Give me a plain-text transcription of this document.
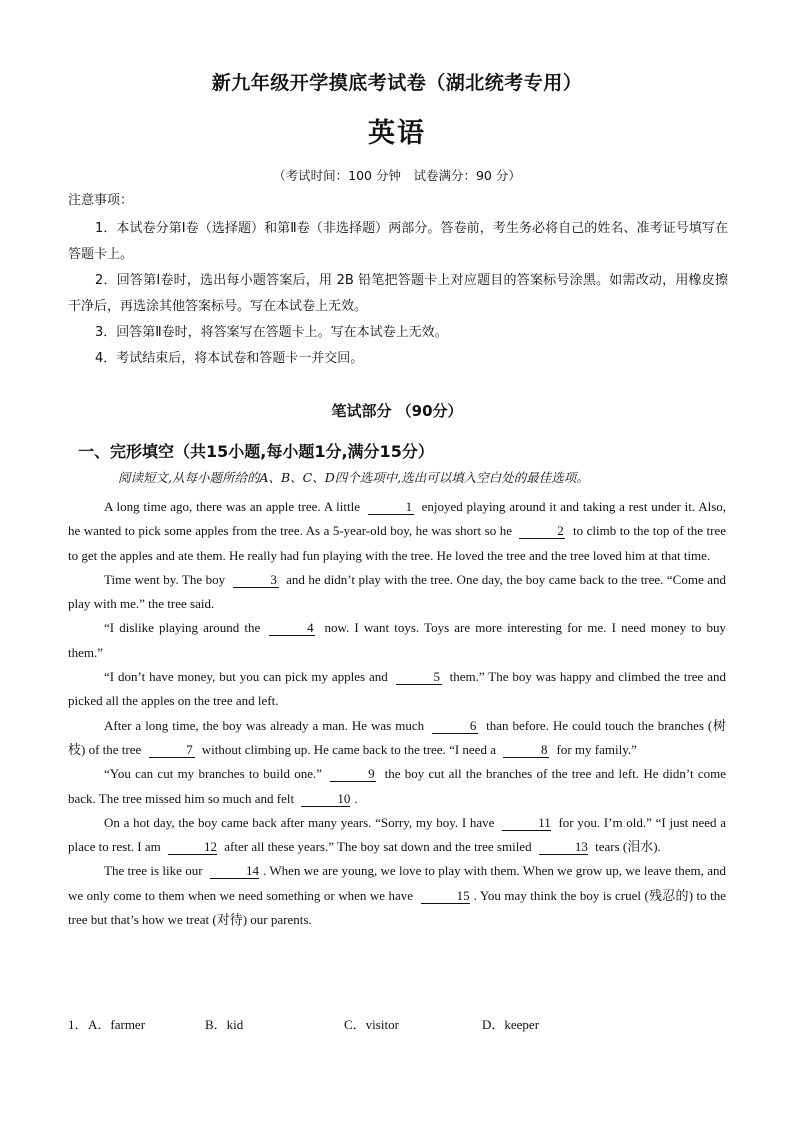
新九年级开学摸底考试卷（湖北统考专用）
英语
（考试时间：100 分钟　试卷满分：90 分）
注意事项：
1．本试卷分第Ⅰ卷（选择题）和第Ⅱ卷（非选择题）两部分。答卷前，考生务必将自己的姓名、准考证号填写在答题卡上。
2．回答第Ⅰ卷时，选出每小题答案后，用 2B 铅笔把答题卡上对应题目的答案标号涂黑。如需改动，用橡皮擦干净后，再选涂其他答案标号。写在本试卷上无效。
3．回答第Ⅱ卷时，将答案写在答题卡上。写在本试卷上无效。
4．考试结束后，将本试卷和答题卡一并交回。
笔试部分 （90分）
一、完形填空（共15小题,每小题1分,满分15分）
阅读短文,从每小题所给的A、B、C、D四个选项中,选出可以填入空白处的最佳选项。

A long time ago, there was an apple tree. A little	1 enjoyed playing around it and taking a rest under it. Also, he wanted to pick some apples from the tree. As a 5-year-old boy, he was short so he	2 to climb to the top of the tree to get the apples and ate them. He really had fun playing with the tree. He loved the tree and the tree loved him at that time.

Time went by. The boy	3 and he didn’t play with the tree. One day, the boy came back to the tree. “Come and play with me.” the tree said.

“I dislike playing around the	4 now. I want toys. Toys are more interesting for me. I need money to buy them.”

“I don’t have money, but you can pick my apples and	5 them.” The boy was happy and climbed the tree and picked all the apples on the tree and left.

After a long time, the boy was already a man. He was much	6 than before. He could touch the branches (树枝) of the tree	7 without climbing up. He came back to the tree. “I need a	8 for my family.”

“You can cut my branches to build one.”	9 the boy cut all the branches of the tree and left. He didn’t come back. The tree missed him so much and felt	10 .

On a hot day, the boy came back after many years. “Sorry, my boy. I have	11 for you. I’m old.” “I just need a place to rest. I am	12 after all these years.” The boy sat down and the tree smiled	13 tears (泪水).

The tree is like our	14 . When we are young, we love to play with them. When we grow up, we leave them, and we only come to them when we need something or when we have	15 . You may think the boy is cruel (残忍的) to the tree but that’s how we treat (对待) our parents.

1． A．farmer	B．kid	C．visitor	D．keeper
